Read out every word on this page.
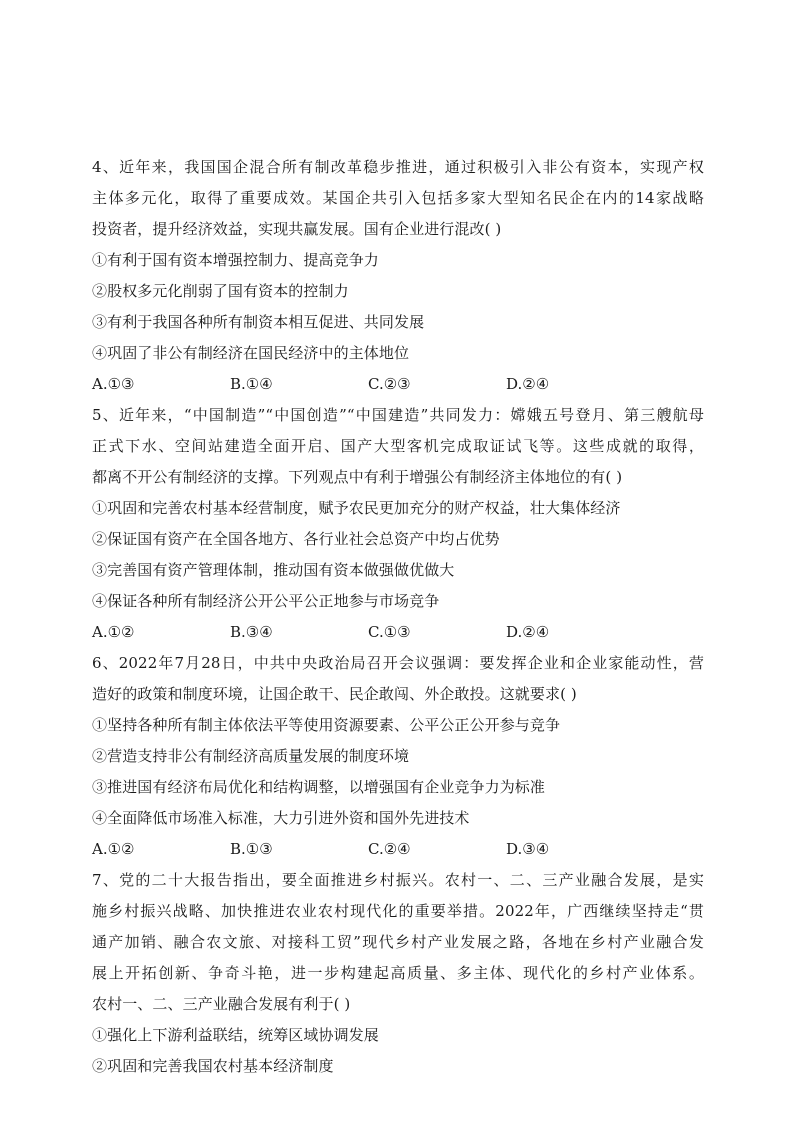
4、近年来，我国国企混合所有制改革稳步推进，通过积极引入非公有资本，实现产权
主体多元化，取得了重要成效。某国企共引入包括多家大型知名民企在内的14家战略
投资者，提升经济效益，实现共赢发展。国有企业进行混改( )
①有利于国有资本增强控制力、提高竞争力
②股权多元化削弱了国有资本的控制力
③有利于我国各种所有制资本相互促进、共同发展
④巩固了非公有制经济在国民经济中的主体地位
A.①③	B.①④	C.②③	D.②④
5、近年来，“中国制造”“中国创造”“中国建造”共同发力：嫦娥五号登月、第三艘航母
正式下水、空间站建造全面开启、国产大型客机完成取证试飞等。这些成就的取得，
都离不开公有制经济的支撑。下列观点中有利于增强公有制经济主体地位的有( )
①巩固和完善农村基本经营制度，赋予农民更加充分的财产权益，壮大集体经济
②保证国有资产在全国各地方、各行业社会总资产中均占优势
③完善国有资产管理体制，推动国有资本做强做优做大
④保证各种所有制经济公开公平公正地参与市场竞争
A.①②	B.③④	C.①③	D.②④
6、2022年7月28日，中共中央政治局召开会议强调：要发挥企业和企业家能动性，营
造好的政策和制度环境，让国企敢干、民企敢闯、外企敢投。这就要求( )
①坚持各种所有制主体依法平等使用资源要素、公平公正公开参与竞争
②营造支持非公有制经济高质量发展的制度环境
③推进国有经济布局优化和结构调整，以增强国有企业竞争力为标准
④全面降低市场准入标准，大力引进外资和国外先进技术
A.①②	B.①③	C.②④	D.③④
7、党的二十大报告指出，要全面推进乡村振兴。农村一、二、三产业融合发展，是实
施乡村振兴战略、加快推进农业农村现代化的重要举措。2022年，广西继续坚持走“贯
通产加销、融合农文旅、对接科工贸”现代乡村产业发展之路，各地在乡村产业融合发
展上开拓创新、争奇斗艳，进一步构建起高质量、多主体、现代化的乡村产业体系。
农村一、二、三产业融合发展有利于( )
①强化上下游利益联结，统筹区域协调发展
②巩固和完善我国农村基本经济制度
